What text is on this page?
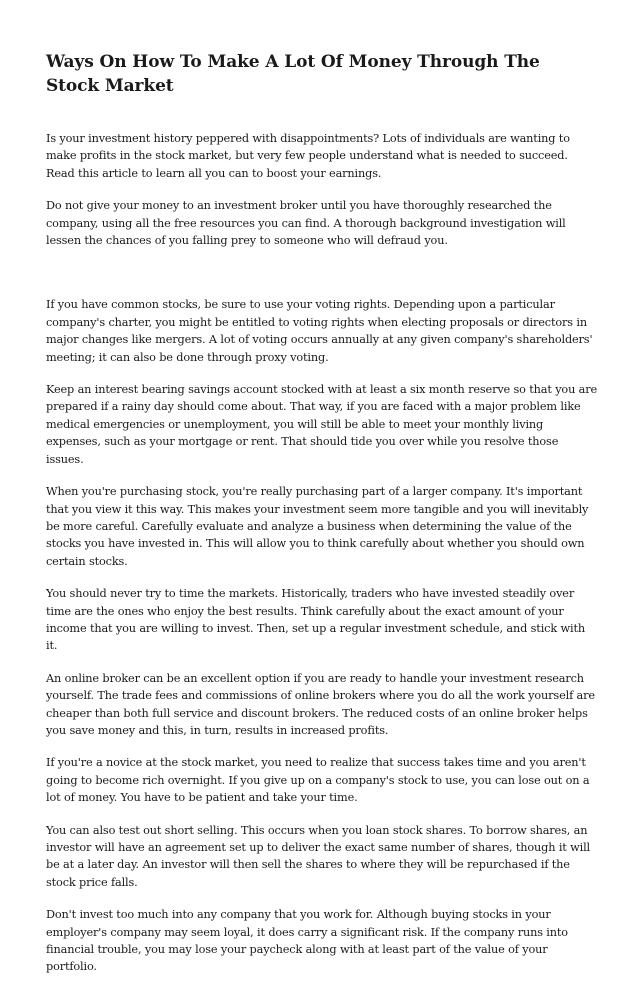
Ways On How To Make A Lot Of Money Through The Stock Market

Is your investment history peppered with disappointments? Lots of individuals are wanting to make profits in the stock market, but very few people understand what is needed to succeed. Read this article to learn all you can to boost your earnings.

Do not give your money to an investment broker until you have thoroughly researched the company, using all the free resources you can find. A thorough background investigation will lessen the chances of you falling prey to someone who will defraud you.

If you have common stocks, be sure to use your voting rights. Depending upon a particular company's charter, you might be entitled to voting rights when electing proposals or directors in major changes like mergers. A lot of voting occurs annually at any given company's shareholders' meeting; it can also be done through proxy voting.

Keep an interest bearing savings account stocked with at least a six month reserve so that you are prepared if a rainy day should come about. That way, if you are faced with a major problem like medical emergencies or unemployment, you will still be able to meet your monthly living expenses, such as your mortgage or rent. That should tide you over while you resolve those issues.

When you're purchasing stock, you're really purchasing part of a larger company. It's important that you view it this way. This makes your investment seem more tangible and you will inevitably be more careful. Carefully evaluate and analyze a business when determining the value of the stocks you have invested in. This will allow you to think carefully about whether you should own certain stocks.

You should never try to time the markets. Historically, traders who have invested steadily over time are the ones who enjoy the best results. Think carefully about the exact amount of your income that you are willing to invest. Then, set up a regular investment schedule, and stick with it.

An online broker can be an excellent option if you are ready to handle your investment research yourself. The trade fees and commissions of online brokers where you do all the work yourself are cheaper than both full service and discount brokers. The reduced costs of an online broker helps you save money and this, in turn, results in increased profits.

If you're a novice at the stock market, you need to realize that success takes time and you aren't going to become rich overnight. If you give up on a company's stock to use, you can lose out on a lot of money. You have to be patient and take your time.

You can also test out short selling. This occurs when you loan stock shares. To borrow shares, an investor will have an agreement set up to deliver the exact same number of shares, though it will be at a later day. An investor will then sell the shares to where they will be repurchased if the stock price falls.

Don't invest too much into any company that you work for. Although buying stocks in your employer's company may seem loyal, it does carry a significant risk. If the company runs into financial trouble, you may lose your paycheck along with at least part of the value of your portfolio.
